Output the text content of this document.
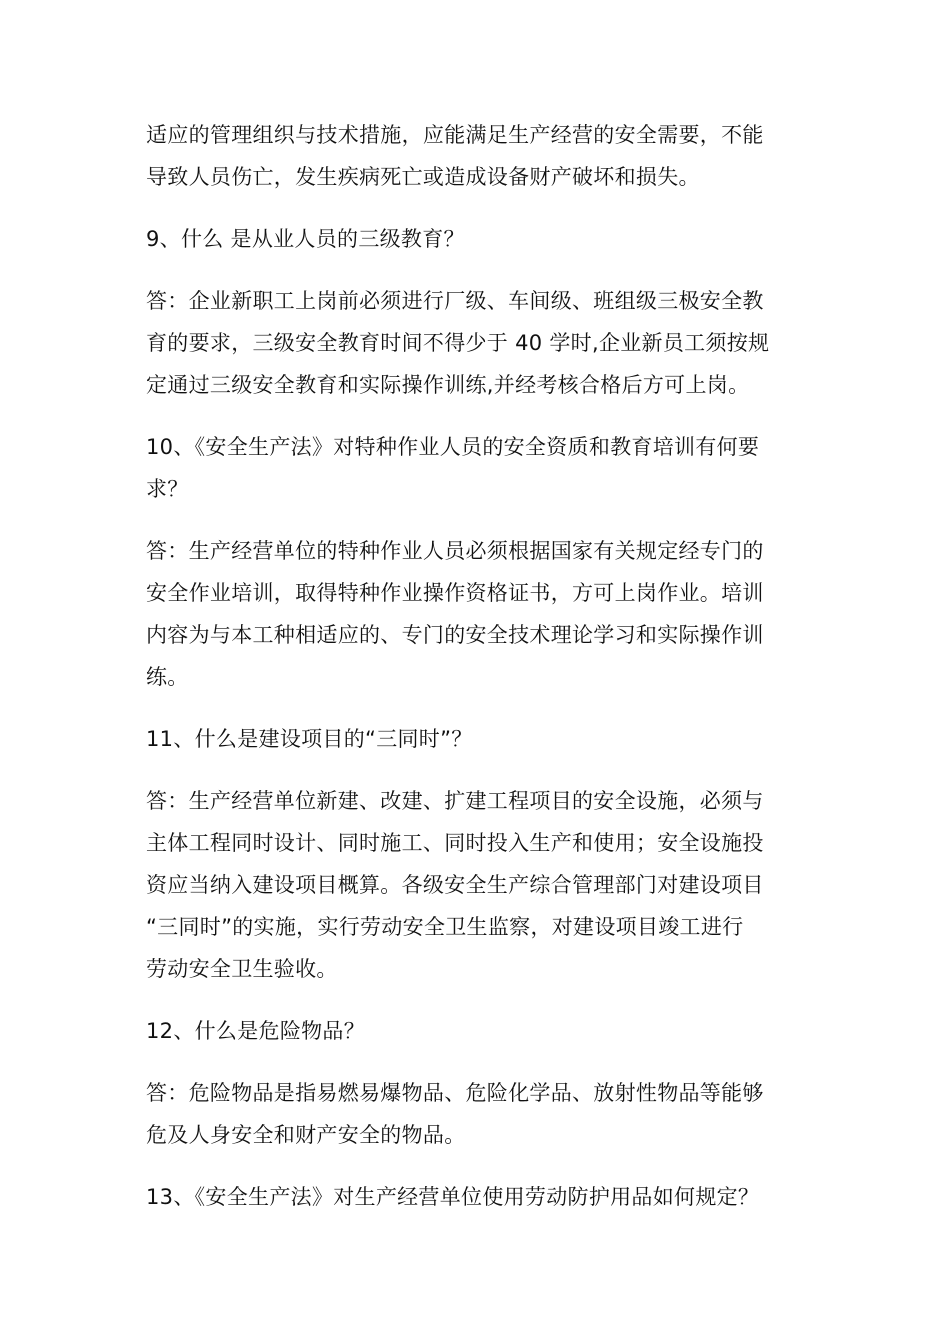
适应的管理组织与技术措施，应能满足生产经营的安全需要，不能
导致人员伤亡，发生疾病死亡或造成设备财产破坏和损失。

9、什么 是从业人员的三级教育？

答：企业新职工上岗前必须进行厂级、车间级、班组级三极安全教
育的要求，三级安全教育时间不得少于 40 学时,企业新员工须按规
定通过三级安全教育和实际操作训练,并经考核合格后方可上岗。

10、《安全生产法》对特种作业人员的安全资质和教育培训有何要
求？

答：生产经营单位的特种作业人员必须根据国家有关规定经专门的
安全作业培训，取得特种作业操作资格证书，方可上岗作业。培训
内容为与本工种相适应的、专门的安全技术理论学习和实际操作训
练。

11、什么是建设项目的“三同时”？

答：生产经营单位新建、改建、扩建工程项目的安全设施，必须与
主体工程同时设计、同时施工、同时投入生产和使用；安全设施投
资应当纳入建设项目概算。各级安全生产综合管理部门对建设项目
“三同时”的实施，实行劳动安全卫生监察，对建设项目竣工进行
劳动安全卫生验收。

12、什么是危险物品？

答：危险物品是指易燃易爆物品、危险化学品、放射性物品等能够
危及人身安全和财产安全的物品。

13、《安全生产法》对生产经营单位使用劳动防护用品如何规定？
